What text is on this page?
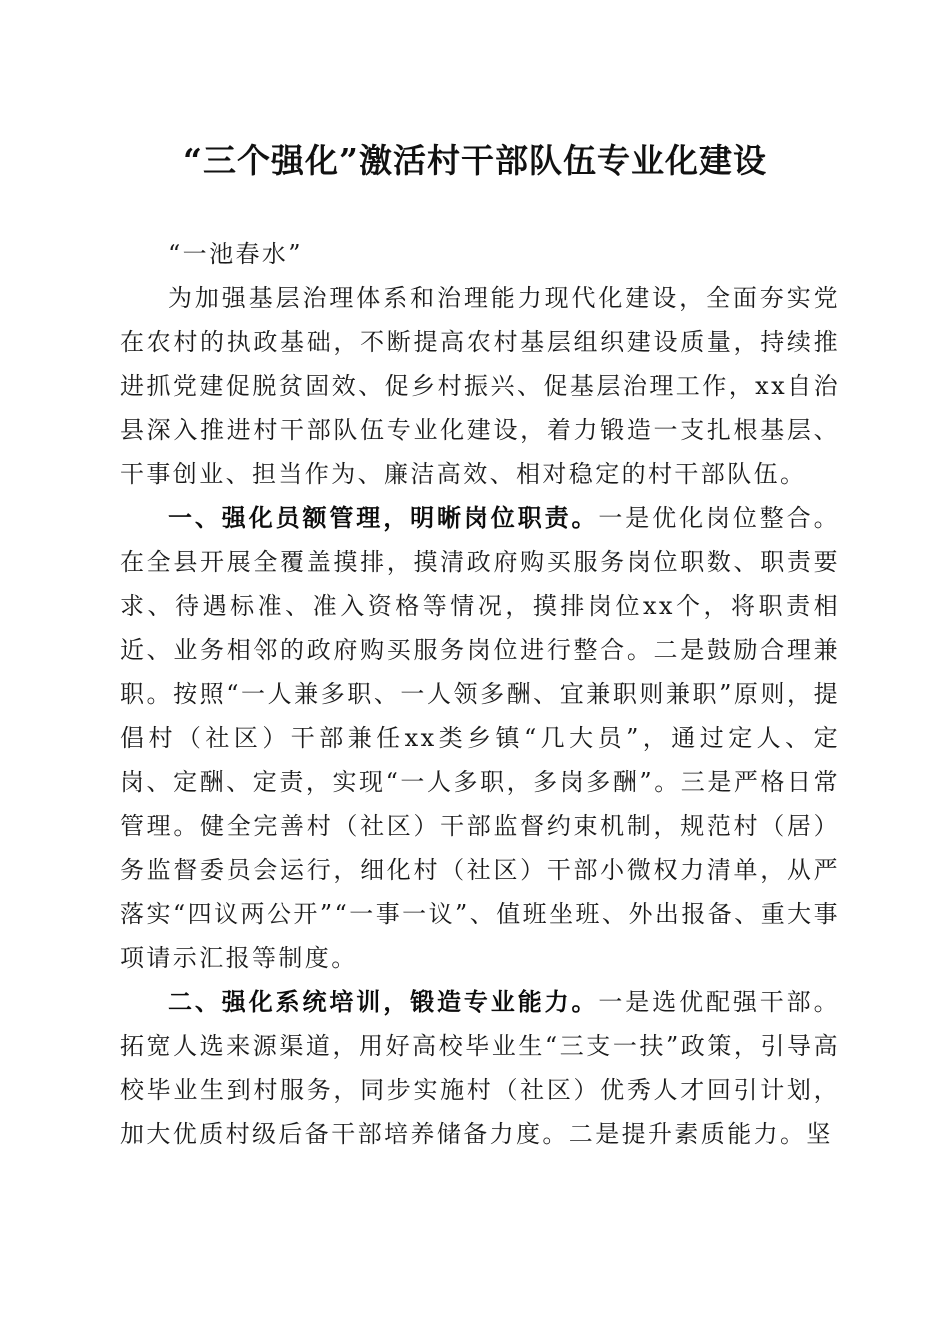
“三个强化”激活村干部队伍专业化建设

“一池春水”

为加强基层治理体系和治理能力现代化建设，全面夯实党在农村的执政基础，不断提高农村基层组织建设质量，持续推进抓党建促脱贫固效、促乡村振兴、促基层治理工作，xx自治县深入推进村干部队伍专业化建设，着力锻造一支扎根基层、干事创业、担当作为、廉洁高效、相对稳定的村干部队伍。

一、强化员额管理，明晰岗位职责。一是优化岗位整合。在全县开展全覆盖摸排，摸清政府购买服务岗位职数、职责要求、待遇标准、准入资格等情况，摸排岗位xx个，将职责相近、业务相邻的政府购买服务岗位进行整合。二是鼓励合理兼职。按照“一人兼多职、一人领多酬、宜兼职则兼职”原则，提倡村（社区）干部兼任xx类乡镇“几大员”，通过定人、定岗、定酬、定责，实现“一人多职，多岗多酬”。三是严格日常管理。健全完善村（社区）干部监督约束机制，规范村（居）务监督委员会运行，细化村（社区）干部小微权力清单，从严落实“四议两公开”“一事一议”、值班坐班、外出报备、重大事项请示汇报等制度。

二、强化系统培训，锻造专业能力。一是选优配强干部。拓宽人选来源渠道，用好高校毕业生“三支一扶”政策，引导高校毕业生到村服务，同步实施村（社区）优秀人才回引计划，加大优质村级后备干部培养储备力度。二是提升素质能力。坚
